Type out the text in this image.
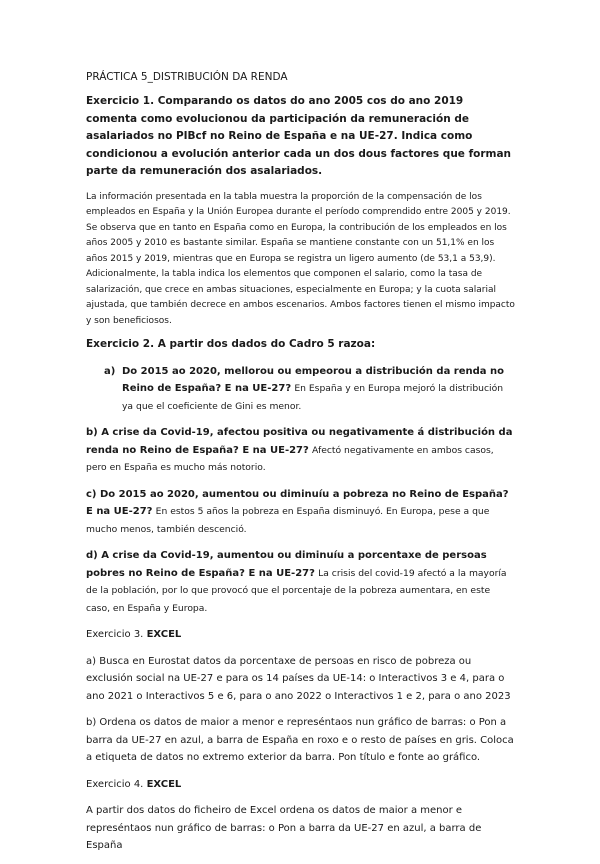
PRÁCTICA 5_DISTRIBUCIÓN DA RENDA

Exercicio 1. Comparando os datos do ano 2005 cos do ano 2019 comenta como evolucionou da participación da remuneración de asalariados no PIBcf no Reino de España e na UE-27. Indica como condicionou a evolución anterior cada un dos dous factores que forman parte da remuneración dos asalariados.

La información presentada en la tabla muestra la proporción de la compensación de los empleados en España y la Unión Europea durante el período comprendido entre 2005 y 2019. Se observa que en tanto en España como en Europa, la contribución de los empleados en los años 2005 y 2010 es bastante similar. España se mantiene constante con un 51,1% en los años 2015 y 2019, mientras que en Europa se registra un ligero aumento (de 53,1 a 53,9). Adicionalmente, la tabla indica los elementos que componen el salario, como la tasa de salarización, que crece en ambas situaciones, especialmente en Europa; y la cuota salarial ajustada, que también decrece en ambos escenarios. Ambos factores tienen el mismo impacto y son beneficiosos.

Exercicio 2. A partir dos dados do Cadro 5 razoa:

a) Do 2015 ao 2020, mellorou ou empeorou a distribución da renda no Reino de España? E na UE-27? En España y en Europa mejoró la distribución ya que el coeficiente de Gini es menor.

b) A crise da Covid-19, afectou positiva ou negativamente á distribución da renda no Reino de España? E na UE-27? Afectó negativamente en ambos casos, pero en España es mucho más notorio.

c) Do 2015 ao 2020, aumentou ou diminuíu a pobreza no Reino de España? E na UE-27? En estos 5 años la pobreza en España disminuyó. En Europa, pese a que mucho menos, también descenció.

d) A crise da Covid-19, aumentou ou diminuíu a porcentaxe de persoas pobres no Reino de España? E na UE-27? La crisis del covid-19 afectó a la mayoría de la población, por lo que provocó que el porcentaje de la pobreza aumentara, en este caso, en España y Europa.

Exercicio 3. EXCEL

a) Busca en Eurostat datos da porcentaxe de persoas en risco de pobreza ou exclusión social na UE-27 e para os 14 países da UE-14: o Interactivos 3 e 4, para o ano 2021 o Interactivos 5 e 6, para o ano 2022 o Interactivos 1 e 2, para o ano 2023

b) Ordena os datos de maior a menor e represéntaos nun gráfico de barras: o Pon a barra da UE-27 en azul, a barra de España en roxo e o resto de países en gris. Coloca a etiqueta de datos no extremo exterior da barra. Pon título e fonte ao gráfico.

Exercicio 4. EXCEL

A partir dos datos do ficheiro de Excel ordena os datos de maior a menor e represéntaos nun gráfico de barras: o Pon a barra da UE-27 en azul, a barra de España
